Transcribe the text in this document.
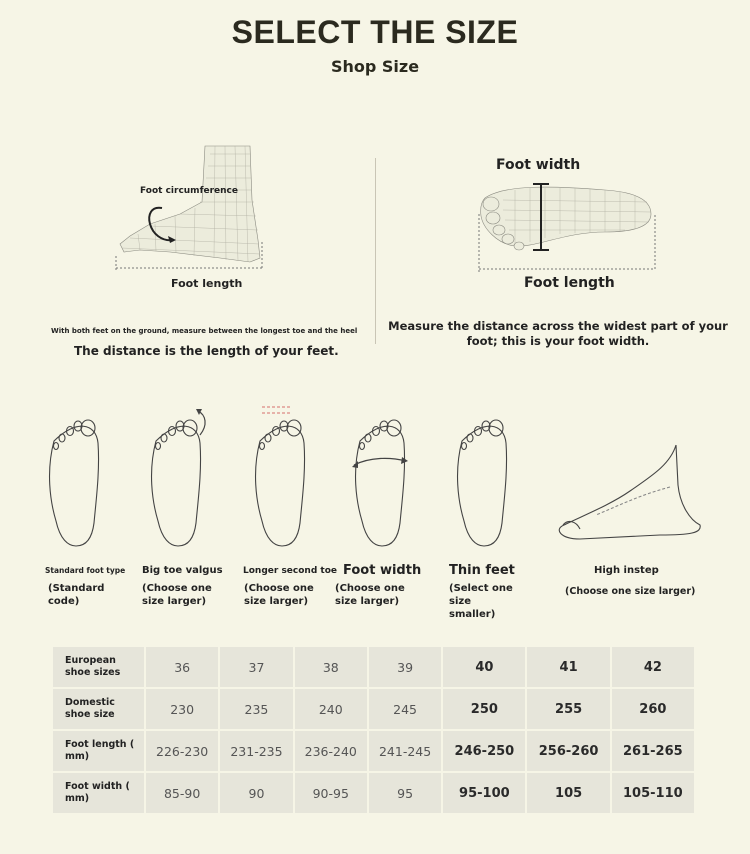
SELECT THE SIZE
Shop Size
Foot circumference
Foot length
With both feet on the ground, measure between the longest toe and the heel
The distance is the length of your feet.
Foot width
Foot length
Measure the distance across the widest part of your foot; this is your foot width.
Standard foot type
(Standard code)
Big toe valgus
(Choose one size larger)
Longer second toe
(Choose one size larger)
Foot width
(Choose one size larger)
Thin feet
(Select one size smaller)
High instep
(Choose one size larger)
European shoe sizes	36	37	38	39	40	41	42
Domestic shoe size	230	235	240	245	250	255	260
Foot length ( mm)	226-230	231-235	236-240	241-245	246-250	256-260	261-265
Foot width ( mm)	85-90	90	90-95	95	95-100	105	105-110
